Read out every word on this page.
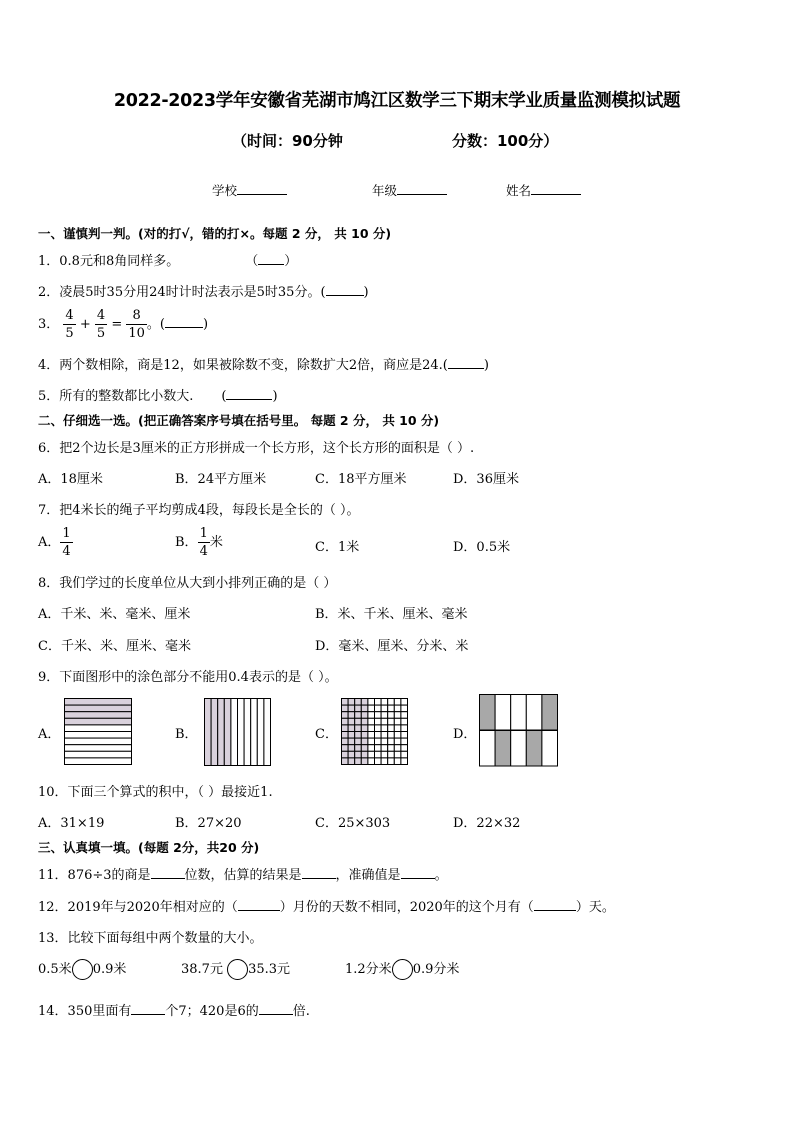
2022-2023学年安徽省芜湖市鸠江区数学三下期末学业质量监测模拟试题
（时间：90分钟	分数：100分）
学校	年级	姓名
一、谨慎判一判。(对的打√，错的打×。每题 2 分， 共 10 分)
1．0.8元和8角同样多。	（ ）
2．凌晨5时35分用24时计时法表示是5时35分。(	)
3． $\frac{4}{5} + \frac{4}{5} = \frac{8}{10}$ 。(	)
4．两个数相除，商是12，如果被除数不变，除数扩大2倍，商应是24.(	)
5．所有的整数都比小数大. (	)
二、仔细选一选。(把正确答案序号填在括号里。 每题 2 分， 共 10 分)
6．把2个边长是3厘米的正方形拼成一个长方形，这个长方形的面积是（ ）.
A．18厘米	B．24平方厘米	C．18平方厘米	D．36厘米
7．把4米长的绳子平均剪成4段，每段长是全长的（ ）。
A． $\frac{1}{4}$	B． $\frac{1}{4}$ 米	C．1米	D．0.5米
8．我们学过的长度单位从大到小排列正确的是（ ）
A．千米、米、毫米、厘米	B．米、千米、厘米、毫米
C．千米、米、厘米、毫米	D．毫米、厘米、分米、米
9．下面图形中的涂色部分不能用0.4表示的是（ ）。
A．	B．	C．	D．
10．下面三个算式的积中，（ ）最接近1.
A．31×19	B．27×20	C．25×303	D．22×32
三、认真填一填。(每题 2分，共20 分)
11．876÷3的商是	位数，估算的结果是	，准确值是	。
12．2019年与2020年相对应的（	）月份的天数不相同，2020年的这个月有（	）天。
13．比较下面每组中两个数量的大小。
0.5米 0.9米	38.7元 35.3元	1.2分米 0.9分米
14．350里面有	个7；420是6的	倍.
